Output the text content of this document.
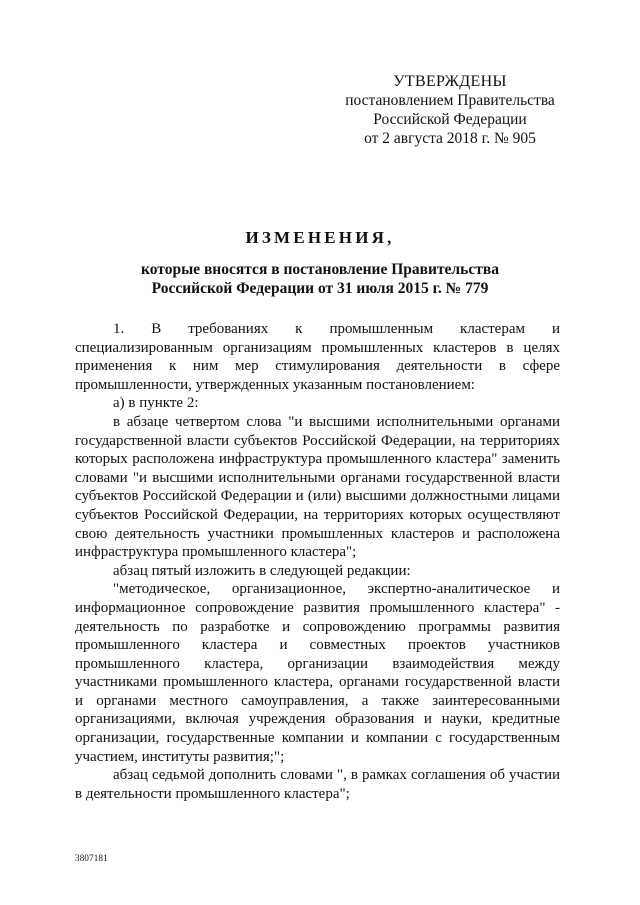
УТВЕРЖДЕНЫ
постановлением Правительства
Российской Федерации
от 2 августа 2018 г. № 905
ИЗМЕНЕНИЯ,
которые вносятся в постановление Правительства
Российской Федерации от 31 июля 2015 г. № 779

1. В требованиях к промышленным кластерам и специализированным организациям промышленных кластеров в целях применения к ним мер стимулирования деятельности в сфере промышленности, утвержденных указанным постановлением:

а) в пункте 2:

в абзаце четвертом слова "и высшими исполнительными органами государственной власти субъектов Российской Федерации, на территориях которых расположена инфраструктура промышленного кластера" заменить словами "и высшими исполнительными органами государственной власти субъектов Российской Федерации и (или) высшими должностными лицами субъектов Российской Федерации, на территориях которых осуществляют свою деятельность участники промышленных кластеров и расположена инфраструктура промышленного кластера";

абзац пятый изложить в следующей редакции:

"методическое, организационное, экспертно-аналитическое и информационное сопровождение развития промышленного кластера" - деятельность по разработке и сопровождению программы развития промышленного кластера и совместных проектов участников промышленного кластера, организации взаимодействия между участниками промышленного кластера, органами государственной власти и органами местного самоуправления, а также заинтересованными организациями, включая учреждения образования и науки, кредитные организации, государственные компании и компании с государственным участием, институты развития;";

абзац седьмой дополнить словами ", в рамках соглашения об участии в деятельности промышленного кластера";

3807181
